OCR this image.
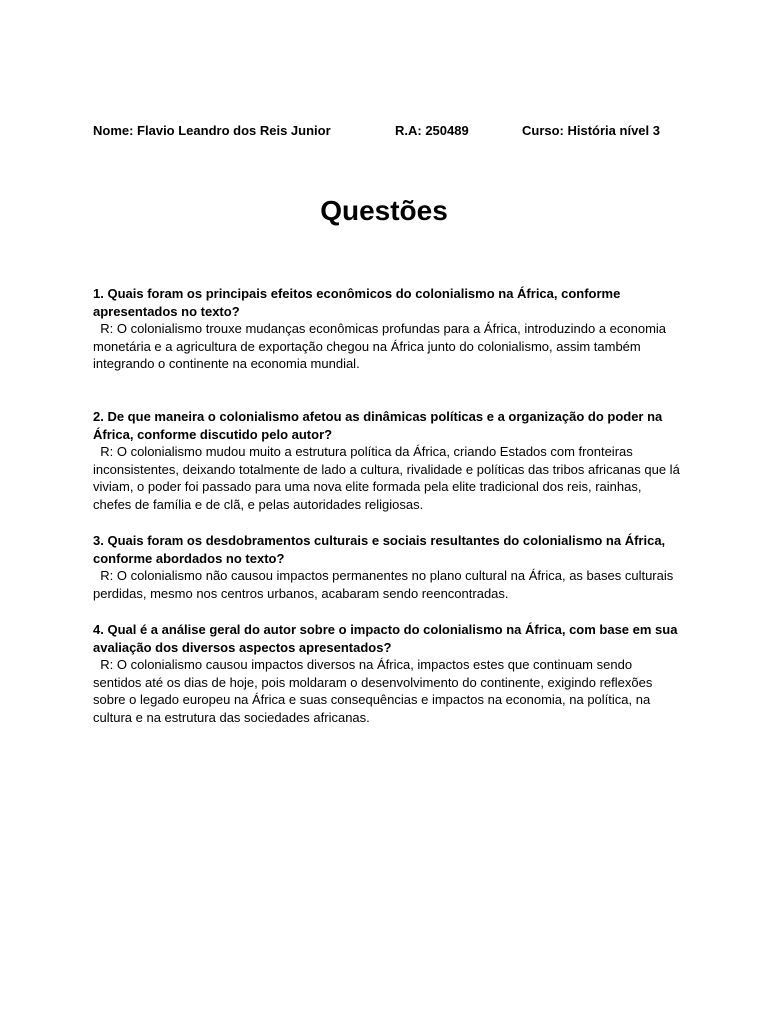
Nome: Flavio Leandro dos Reis Junior	R.A: 250489	Curso: História nível 3
Questões

1. Quais foram os principais efeitos econômicos do colonialismo na África, conforme apresentados no texto?

R: O colonialismo trouxe mudanças econômicas profundas para a África, introduzindo a economia monetária e a agricultura de exportação chegou na África junto do colonialismo, assim também integrando o continente na economia mundial.

2. De que maneira o colonialismo afetou as dinâmicas políticas e a organização do poder na África, conforme discutido pelo autor?

R: O colonialismo mudou muito a estrutura política da África, criando Estados com fronteiras inconsistentes, deixando totalmente de lado a cultura, rivalidade e políticas das tribos africanas que lá viviam, o poder foi passado para uma nova elite formada pela elite tradicional dos reis, rainhas, chefes de família e de clã, e pelas autoridades religiosas.

3. Quais foram os desdobramentos culturais e sociais resultantes do colonialismo na África, conforme abordados no texto?

R: O colonialismo não causou impactos permanentes no plano cultural na África, as bases culturais perdidas, mesmo nos centros urbanos, acabaram sendo reencontradas.

4. Qual é a análise geral do autor sobre o impacto do colonialismo na África, com base em sua avaliação dos diversos aspectos apresentados?

R: O colonialismo causou impactos diversos na África, impactos estes que continuam sendo sentidos até os dias de hoje, pois moldaram o desenvolvimento do continente, exigindo reflexões sobre o legado europeu na África e suas consequências e impactos na economia, na política, na cultura e na estrutura das sociedades africanas.
